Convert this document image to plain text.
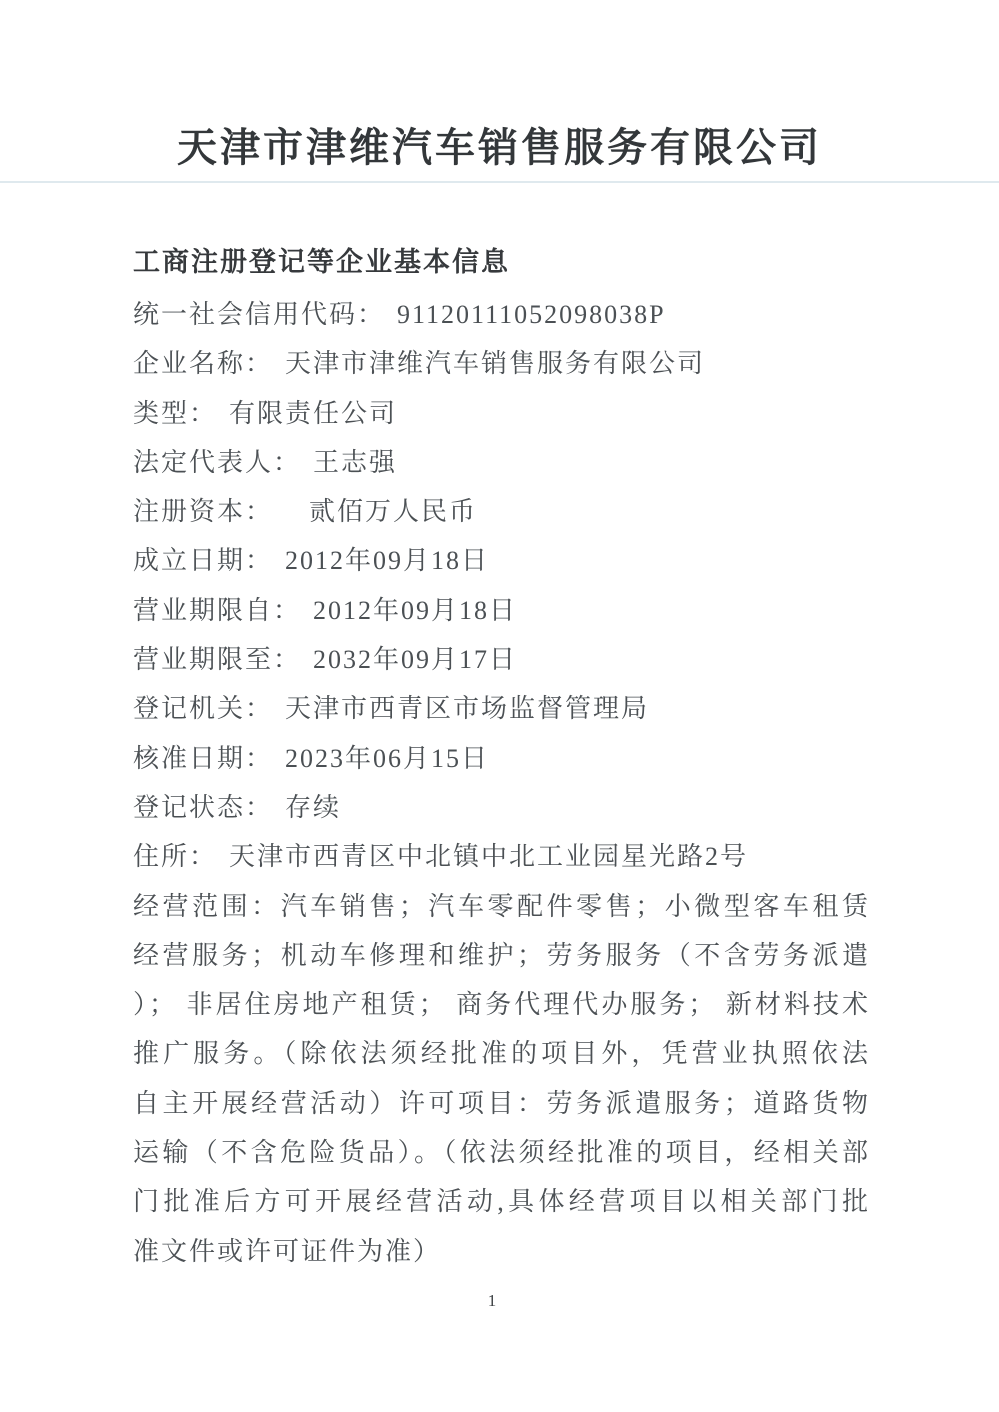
天津市津维汽车销售服务有限公司
工商注册登记等企业基本信息
统一社会信用代码： 91120111052098038P
企业名称： 天津市津维汽车销售服务有限公司
类型： 有限责任公司
法定代表人： 王志强
注册资本： 贰佰万人民币
成立日期： 2012年09月18日
营业期限自： 2012年09月18日
营业期限至： 2032年09月17日
登记机关： 天津市西青区市场监督管理局
核准日期： 2023年06月15日
登记状态： 存续
住所： 天津市西青区中北镇中北工业园星光路2号
经营范围：汽车销售；汽车零配件零售；小微型客车租赁
经营服务；机动车修理和维护；劳务服务（不含劳务派遣
）； 非居住房地产租赁； 商务代理代办服务； 新材料技术
推广服务。（除依法须经批准的项目外，凭营业执照依法
自主开展经营活动）许可项目：劳务派遣服务；道路货物
运输（不含危险货品）。（依法须经批准的项目，经相关部
门批准后方可开展经营活动,具体经营项目以相关部门批
准文件或许可证件为准）
1
